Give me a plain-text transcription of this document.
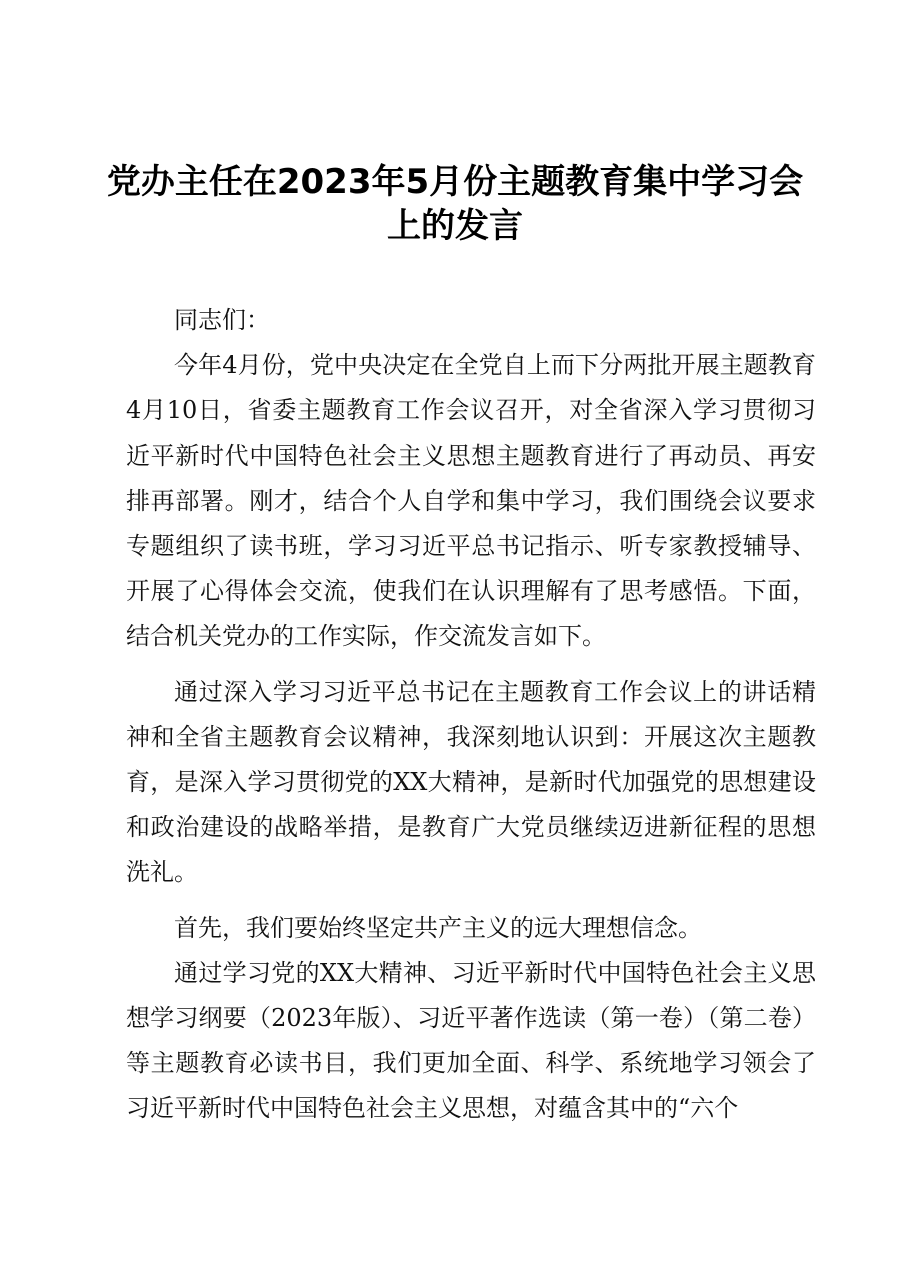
党办主任在2023年5月份主题教育集中学习会上的发言

同志们：

今年4月份，党中央决定在全党自上而下分两批开展主题教育4月10日，省委主题教育工作会议召开，对全省深入学习贯彻习近平新时代中国特色社会主义思想主题教育进行了再动员、再安排再部署。刚才，结合个人自学和集中学习，我们围绕会议要求专题组织了读书班，学习习近平总书记指示、听专家教授辅导、开展了心得体会交流，使我们在认识理解有了思考感悟。下面，结合机关党办的工作实际，作交流发言如下。

通过深入学习习近平总书记在主题教育工作会议上的讲话精神和全省主题教育会议精神，我深刻地认识到：开展这次主题教育，是深入学习贯彻党的XX大精神，是新时代加强党的思想建设和政治建设的战略举措，是教育广大党员继续迈进新征程的思想洗礼。

首先，我们要始终坚定共产主义的远大理想信念。

通过学习党的XX大精神、习近平新时代中国特色社会主义思想学习纲要（2023年版）、习近平著作选读（第一卷）（第二卷）等主题教育必读书目，我们更加全面、科学、系统地学习领会了习近平新时代中国特色社会主义思想，对蕴含其中的“六个
